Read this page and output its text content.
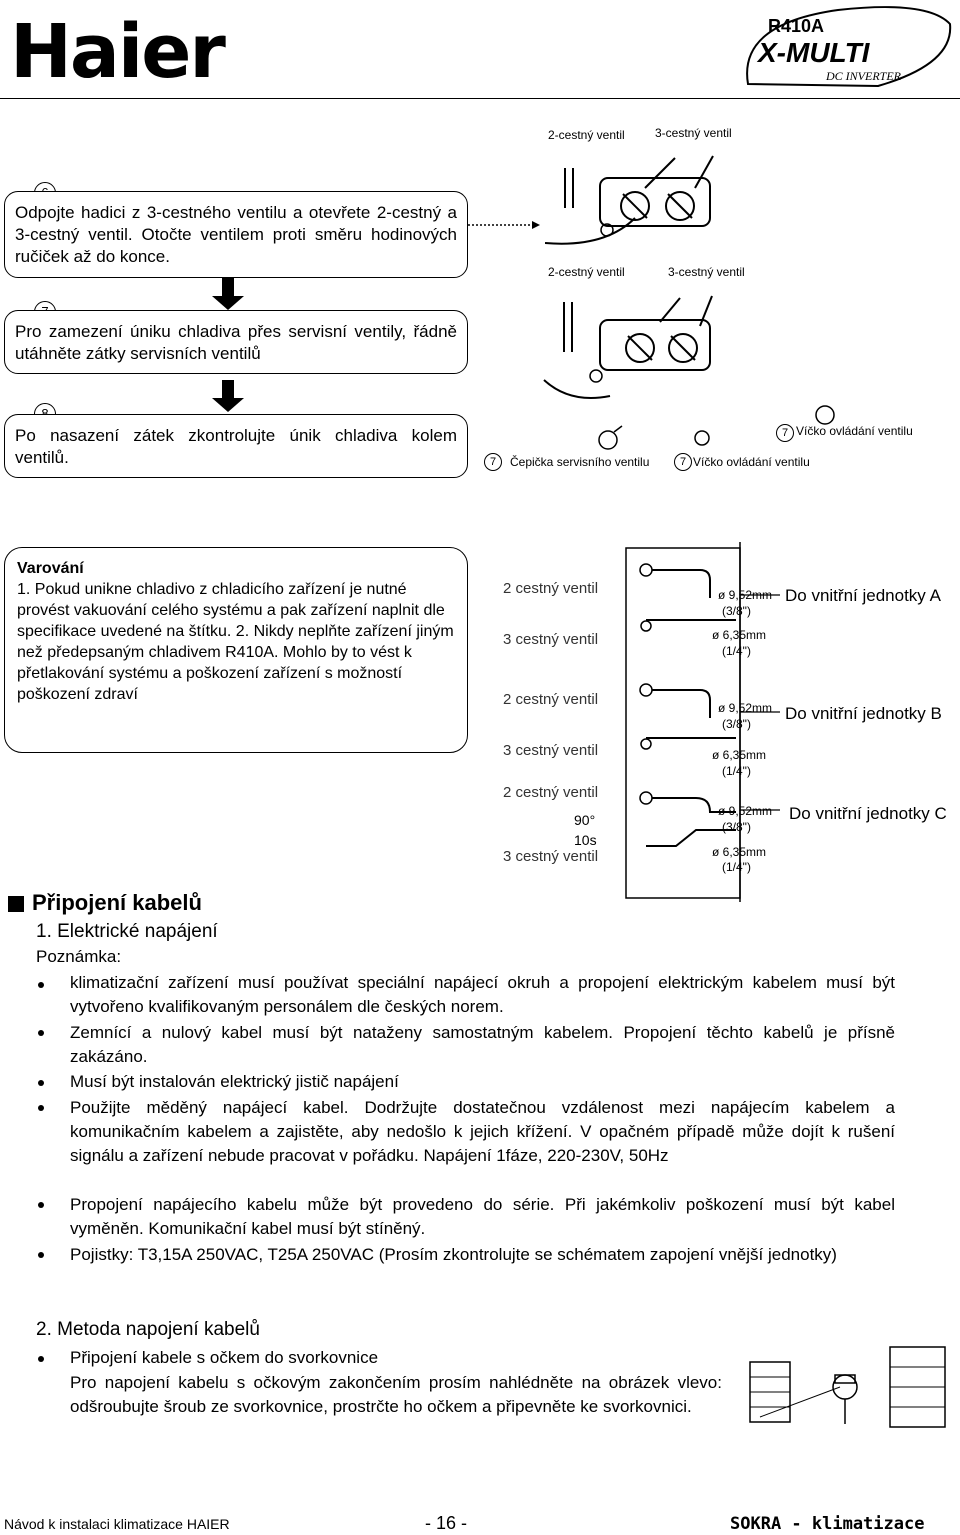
Haier	R410A
X-MULTI
DC INVERTER
Odpojte hadici z 3-cestného ventilu a otevřete 2-cestný a 3-cestný ventil. Otočte ventilem proti směru hodinových ručiček až do konce.
Pro zamezení úniku chladiva přes servisní ventily, řádně utáhněte zátky servisních ventilů
Po nasazení zátek zkontrolujte únik chladiva kolem ventilů.
2-cestný ventil	3-cestný ventil
2-cestný ventil	3-cestný ventil
7 Víčko ovládání ventilu
7	Čepička servisního ventilu	7 Víčko ovládání ventilu
Varování
1. Pokud unikne chladivo z chladicího zařízení je nutné provést vakuování celého systému a pak zařízení naplnit dle specifikace uvedené na štítku. 2. Nikdy neplňte zařízení jiným než předepsaným chladivem R410A. Mohlo by to vést k přetlakování systému a poškození zařízení s možností poškození zdraví
2 cestný ventil
3 cestný ventil
ø 9,52mm
(3/8")
ø 6,35mm
(1/4")
Do vnitřní jednotky A
2 cestný ventil
3 cestný ventil
ø 9,52mm
(3/8")
ø 6,35mm
(1/4")
Do vnitřní jednotky B
2 cestný ventil
90°
10s
3 cestný ventil
ø 9,52mm
(3/8")
ø 6,35mm
(1/4")
Do vnitřní jednotky C
Připojení kabelů
1. Elektrické napájení
Poznámka:
klimatizační zařízení musí používat speciální napájecí okruh a propojení elektrickým kabelem musí být vytvořeno kvalifikovaným personálem dle českých norem.
Zemnící a nulový kabel musí být nataženy samostatným kabelem. Propojení těchto kabelů je přísně zakázáno.
Musí být instalován elektrický jistič napájení
Použijte měděný napájecí kabel. Dodržujte dostatečnou vzdálenost mezi napájecím kabelem a komunikačním kabelem a zajistěte, aby nedošlo k jejich křížení. V opačném případě může dojít k rušení signálu a zařízení nebude pracovat v pořádku. Napájení 1fáze, 220-230V, 50Hz
Propojení napájecího kabelu může být provedeno do série. Při jakémkoliv poškození musí být kabel vyměněn. Komunikační kabel musí být stíněný.
Pojistky: T3,15A 250VAC, T25A 250VAC (Prosím zkontrolujte se schématem zapojení vnější jednotky)
2. Metoda napojení kabelů
Připojení kabele s očkem do svorkovnice
Pro napojení kabelu s očkovým zakončením prosím nahlédněte na obrázek vlevo: odšroubujte šroub ze svorkovnice, prostrčte ho očkem a připevněte ke svorkovnici.
Návod k instalaci klimatizace HAIER	- 16 -	SOKRA - klimatizace
